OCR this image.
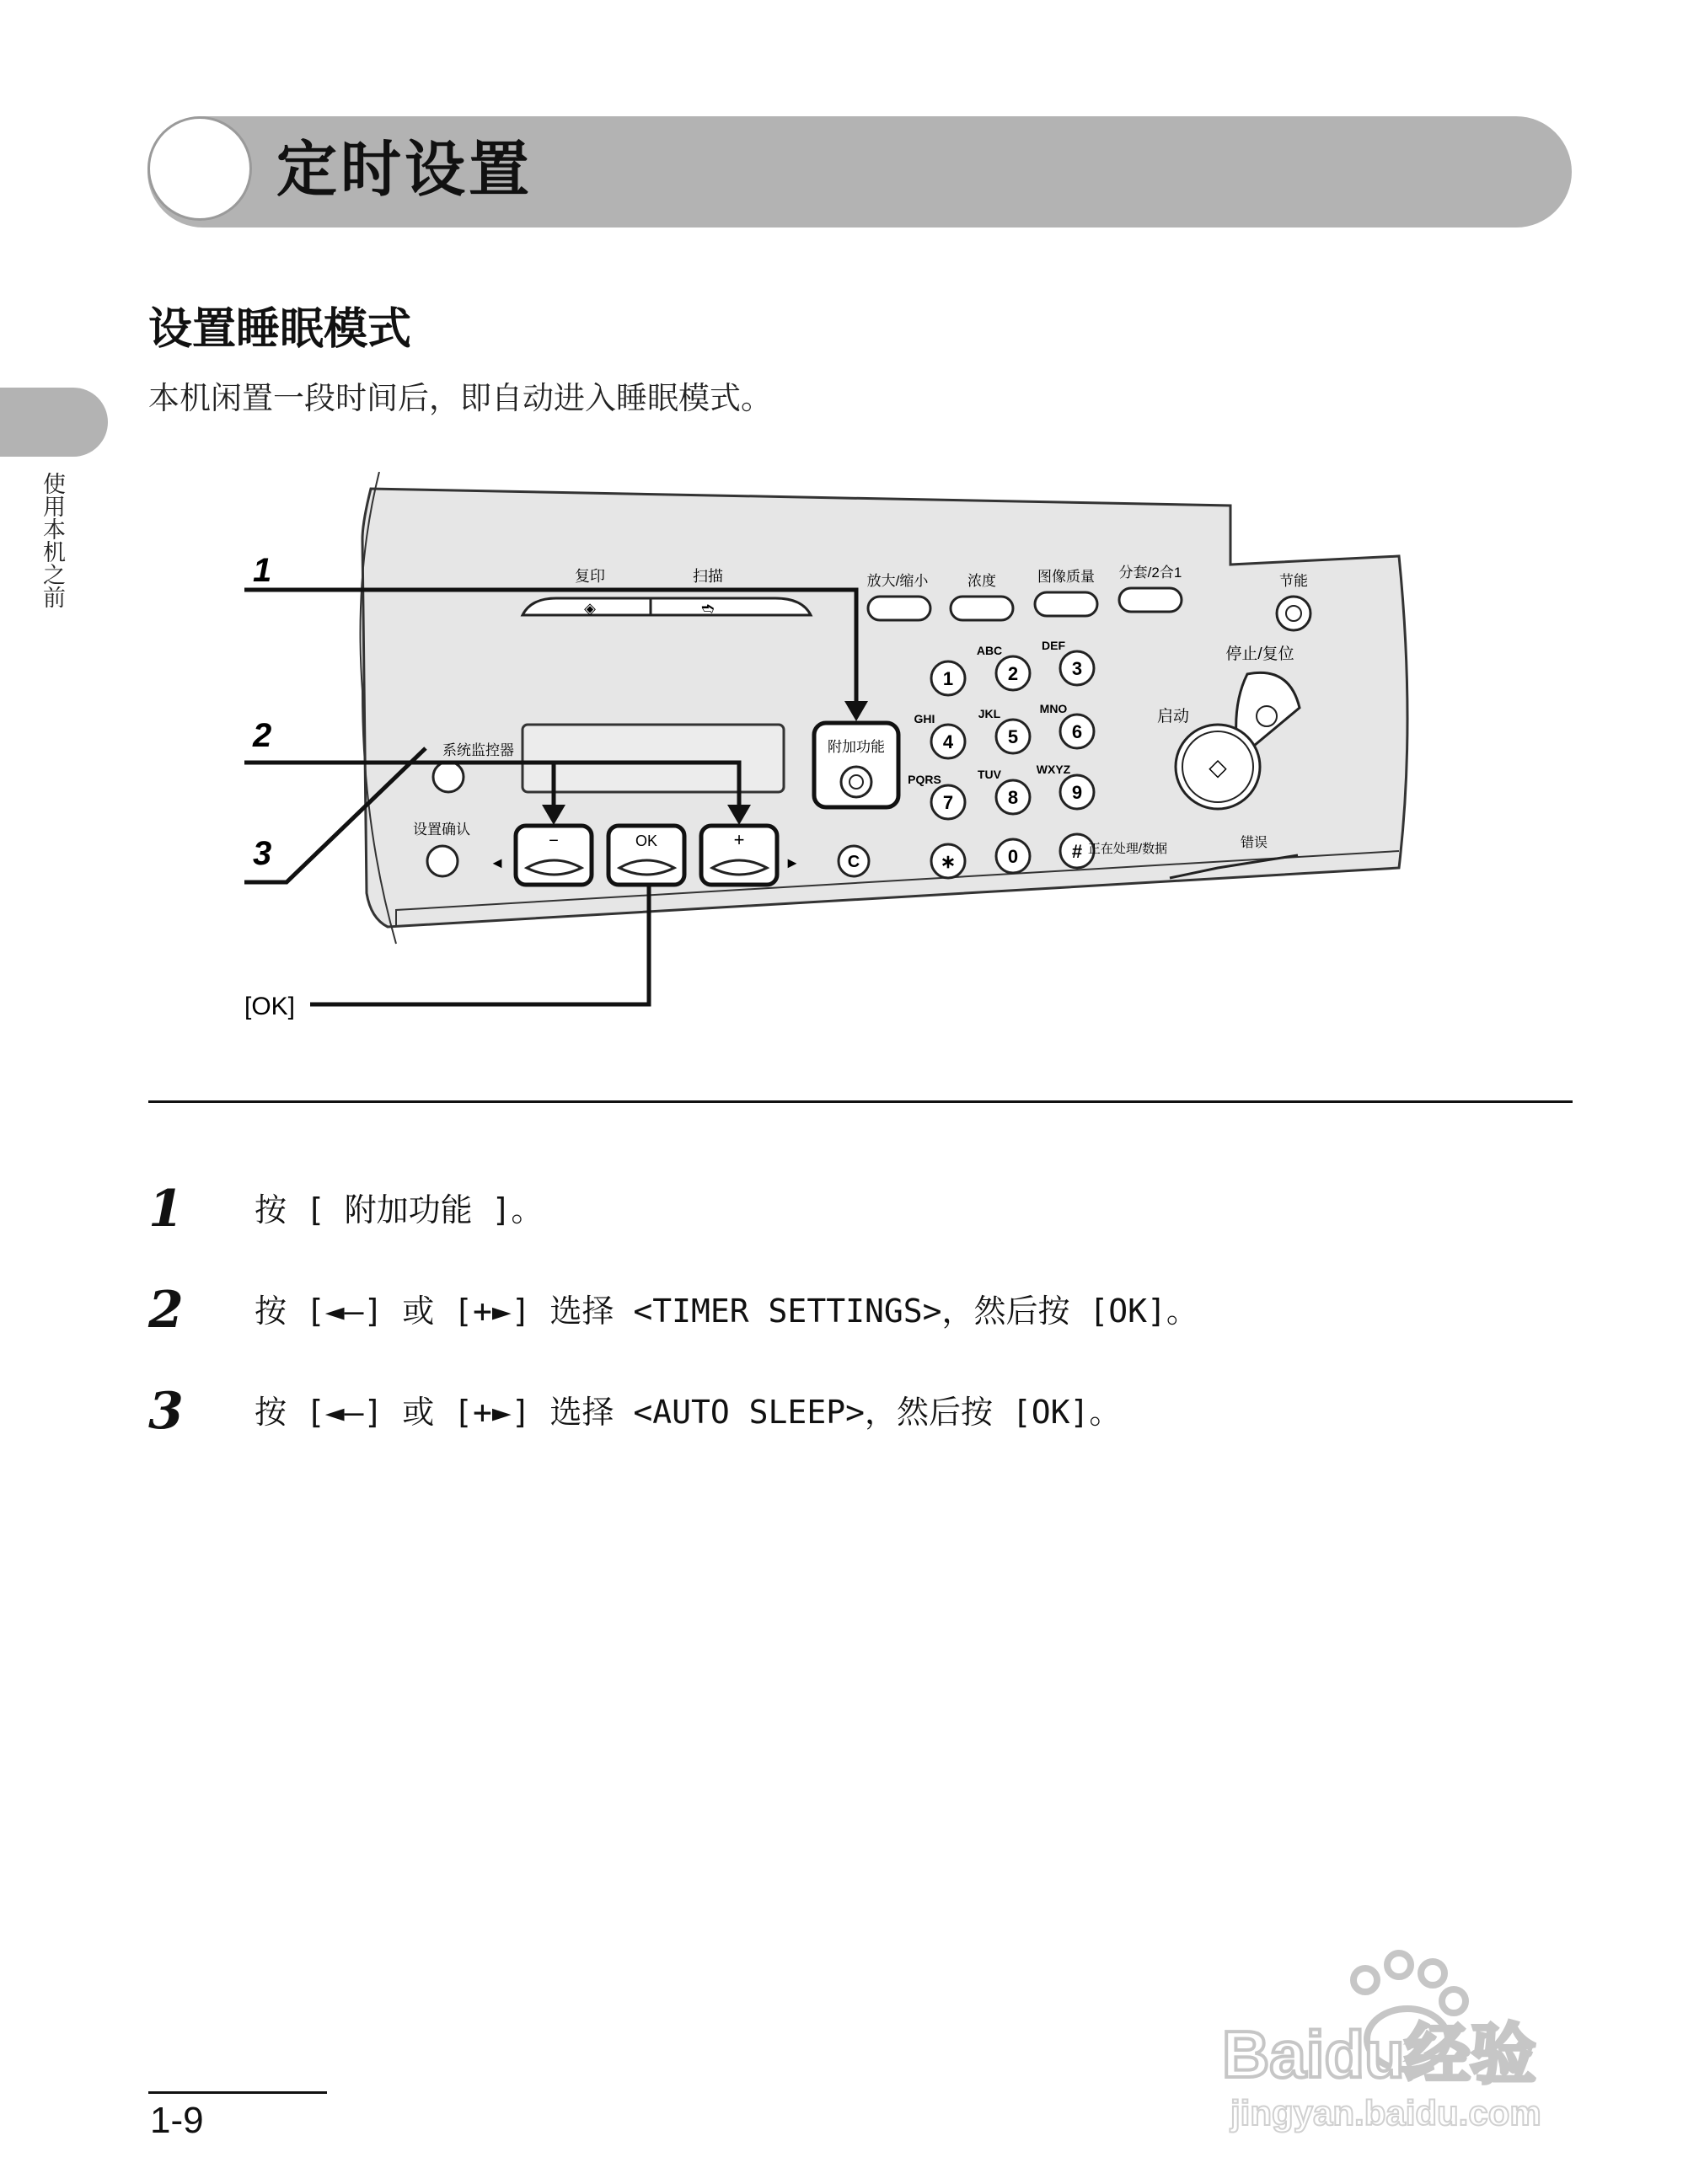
定时设置
使用本机之前
设置睡眠模式
本机闲置一段时间后，即自动进入睡眠模式。
复印	扫描
◈	➬
放大/缩小	浓度	图像质量 分套/2合1
节能
系统监控器
设置确认
◄
−	OK	+
►	C
附加功能
1	2
ABC
3
DEF
4
GHI
5
JKL
6
MNO
7
PQRS
8
TUV
9
WXYZ
∗	0	#
停止/复位
启动
◇
正在处理/数据	错误
1
2
3
[OK]
1 按 [ 附加功能 ]。
2 按 [◄—] 或 [+►] 选择 <TIMER SETTINGS>，然后按 [OK]。
3 按 [◄—] 或 [+►] 选择 <AUTO SLEEP>，然后按 [OK]。
1-9
Baidu经验
jingyan.baidu.com
